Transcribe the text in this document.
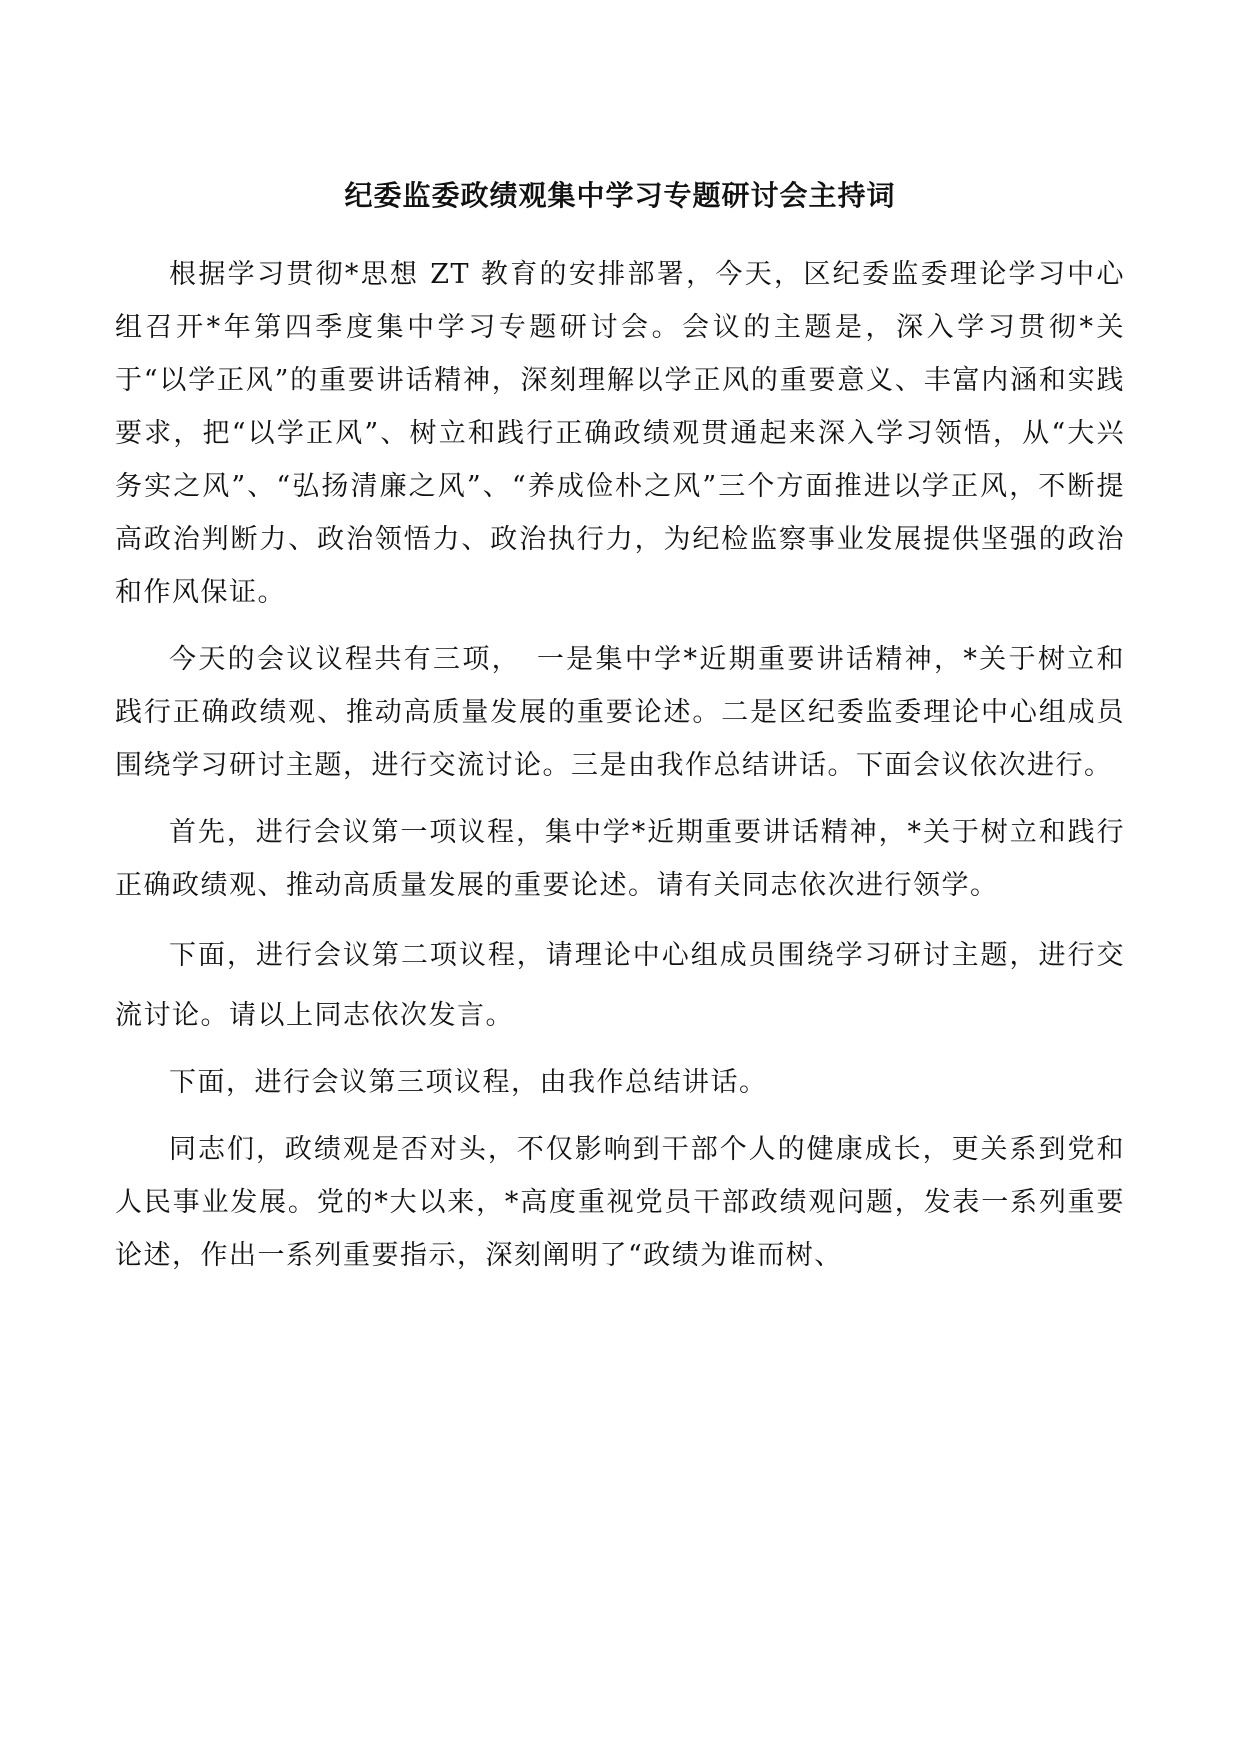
纪委监委政绩观集中学习专题研讨会主持词

根据学习贯彻*思想 ZT 教育的安排部署，今天，区纪委监委理论学习中心组召开*年第四季度集中学习专题研讨会。会议的主题是，深入学习贯彻*关于“以学正风”的重要讲话精神，深刻理解以学正风的重要意义、丰富内涵和实践要求，把“以学正风”、树立和践行正确政绩观贯通起来深入学习领悟，从“大兴务实之风”、“弘扬清廉之风”、“养成俭朴之风”三个方面推进以学正风，不断提高政治判断力、政治领悟力、政治执行力，为纪检监察事业发展提供坚强的政治和作风保证。

今天的会议议程共有三项，　一是集中学*近期重要讲话精神，*关于树立和践行正确政绩观、推动高质量发展的重要论述。二是区纪委监委理论中心组成员围绕学习研讨主题，进行交流讨论。三是由我作总结讲话。下面会议依次进行。

首先，进行会议第一项议程，集中学*近期重要讲话精神，*关于树立和践行正确政绩观、推动高质量发展的重要论述。请有关同志依次进行领学。

下面，进行会议第二项议程，请理论中心组成员围绕学习研讨主题，进行交流讨论。请以上同志依次发言。

下面，进行会议第三项议程，由我作总结讲话。

同志们，政绩观是否对头，不仅影响到干部个人的健康成长，更关系到党和人民事业发展。党的*大以来，*高度重视党员干部政绩观问题，发表一系列重要论述，作出一系列重要指示，深刻阐明了“政绩为谁而树、
